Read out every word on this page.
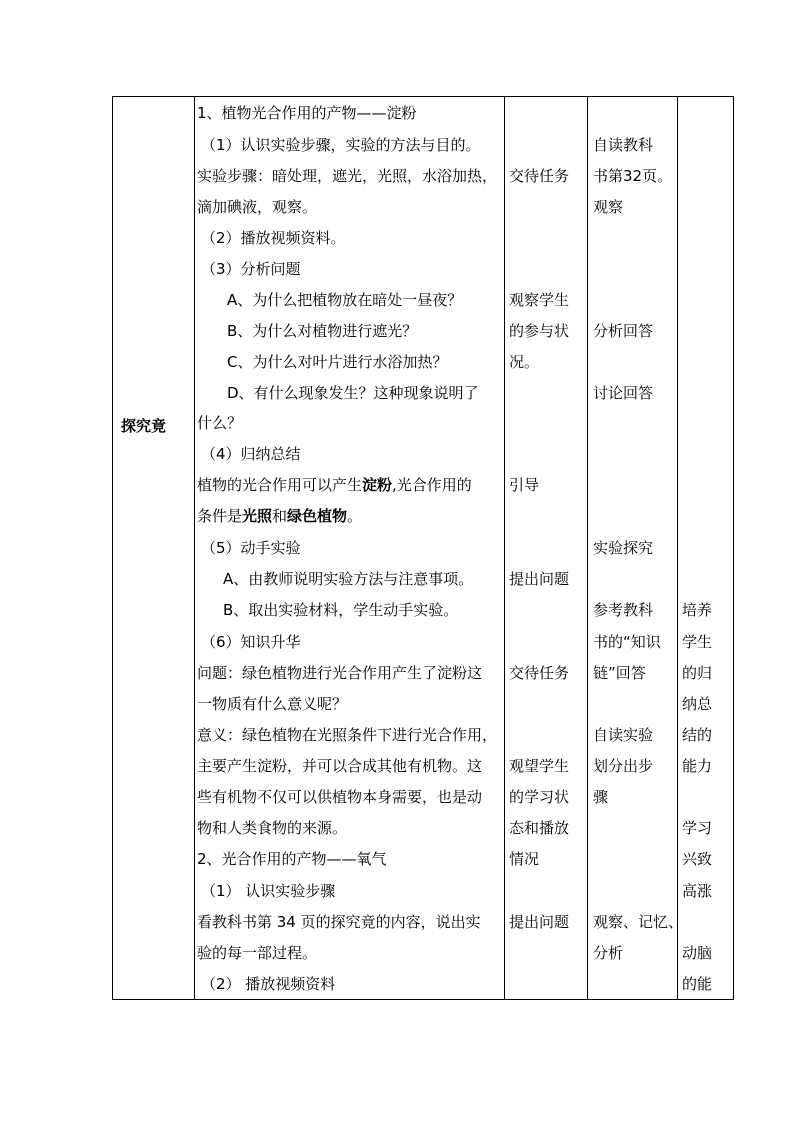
探究竟
1、植物光合作用的产物——淀粉
（1）认识实验步骤，实验的方法与目的。
实验步骤：暗处理，遮光，光照，水浴加热，
滴加碘液，观察。
（2）播放视频资料。
（3）分析问题
A、为什么把植物放在暗处一昼夜？
B、为什么对植物进行遮光？
C、为什么对叶片进行水浴加热？
D、有什么现象发生？这种现象说明了
什么？
（4）归纳总结
植物的光合作用可以产生淀粉,光合作用的
条件是光照和绿色植物。
（5）动手实验
A、由教师说明实验方法与注意事项。
B、取出实验材料，学生动手实验。
（6）知识升华
问题：绿色植物进行光合作用产生了淀粉这
一物质有什么意义呢？
意义：绿色植物在光照条件下进行光合作用，
主要产生淀粉，并可以合成其他有机物。这
些有机物不仅可以供植物本身需要，也是动
物和人类食物的来源。
2、光合作用的产物——氧气
（1） 认识实验步骤
看教科书第 34 页的探究竟的内容，说出实
验的每一部过程。
（2） 播放视频资料
交待任务
观察学生
的参与状
况。
引导
提出问题
交待任务
观望学生
的学习状
态和播放
情况
提出问题
自读教科
书第32页。
观察
分析回答
讨论回答
实验探究
参考教科
书的“知识
链”回答
自读实验
划分出步
骤
观察、记忆、
分析
培养
学生
的归
纳总
结的
能力
学习
兴致
高涨
动脑
的能
